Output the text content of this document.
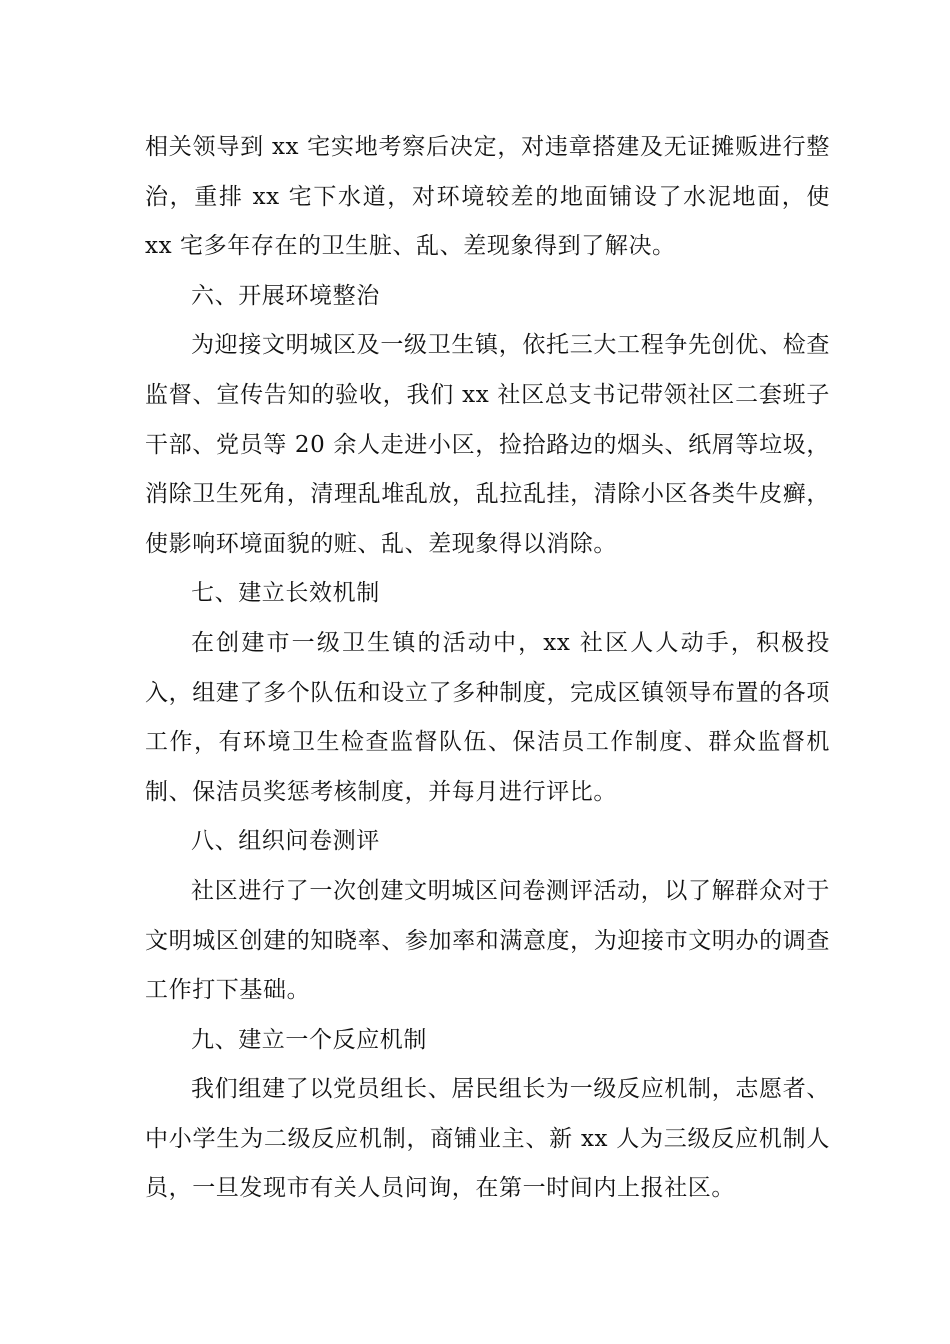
相关领导到 xx 宅实地考察后决定，对违章搭建及无证摊贩进行整治，重排 xx 宅下水道，对环境较差的地面铺设了水泥地面，使 xx 宅多年存在的卫生脏、乱、差现象得到了解决。

六、开展环境整治

为迎接文明城区及一级卫生镇，依托三大工程争先创优、检查监督、宣传告知的验收，我们 xx 社区总支书记带领社区二套班子干部、党员等 20 余人走进小区，捡拾路边的烟头、纸屑等垃圾，消除卫生死角，清理乱堆乱放，乱拉乱挂，清除小区各类牛皮癣，使影响环境面貌的赃、乱、差现象得以消除。

七、建立长效机制

在创建市一级卫生镇的活动中，xx 社区人人动手，积极投入，组建了多个队伍和设立了多种制度，完成区镇领导布置的各项工作，有环境卫生检查监督队伍、保洁员工作制度、群众监督机制、保洁员奖惩考核制度，并每月进行评比。

八、组织问卷测评

社区进行了一次创建文明城区问卷测评活动，以了解群众对于文明城区创建的知晓率、参加率和满意度，为迎接市文明办的调查工作打下基础。

九、建立一个反应机制

我们组建了以党员组长、居民组长为一级反应机制，志愿者、中小学生为二级反应机制，商铺业主、新 xx 人为三级反应机制人员，一旦发现市有关人员问询，在第一时间内上报社区。
